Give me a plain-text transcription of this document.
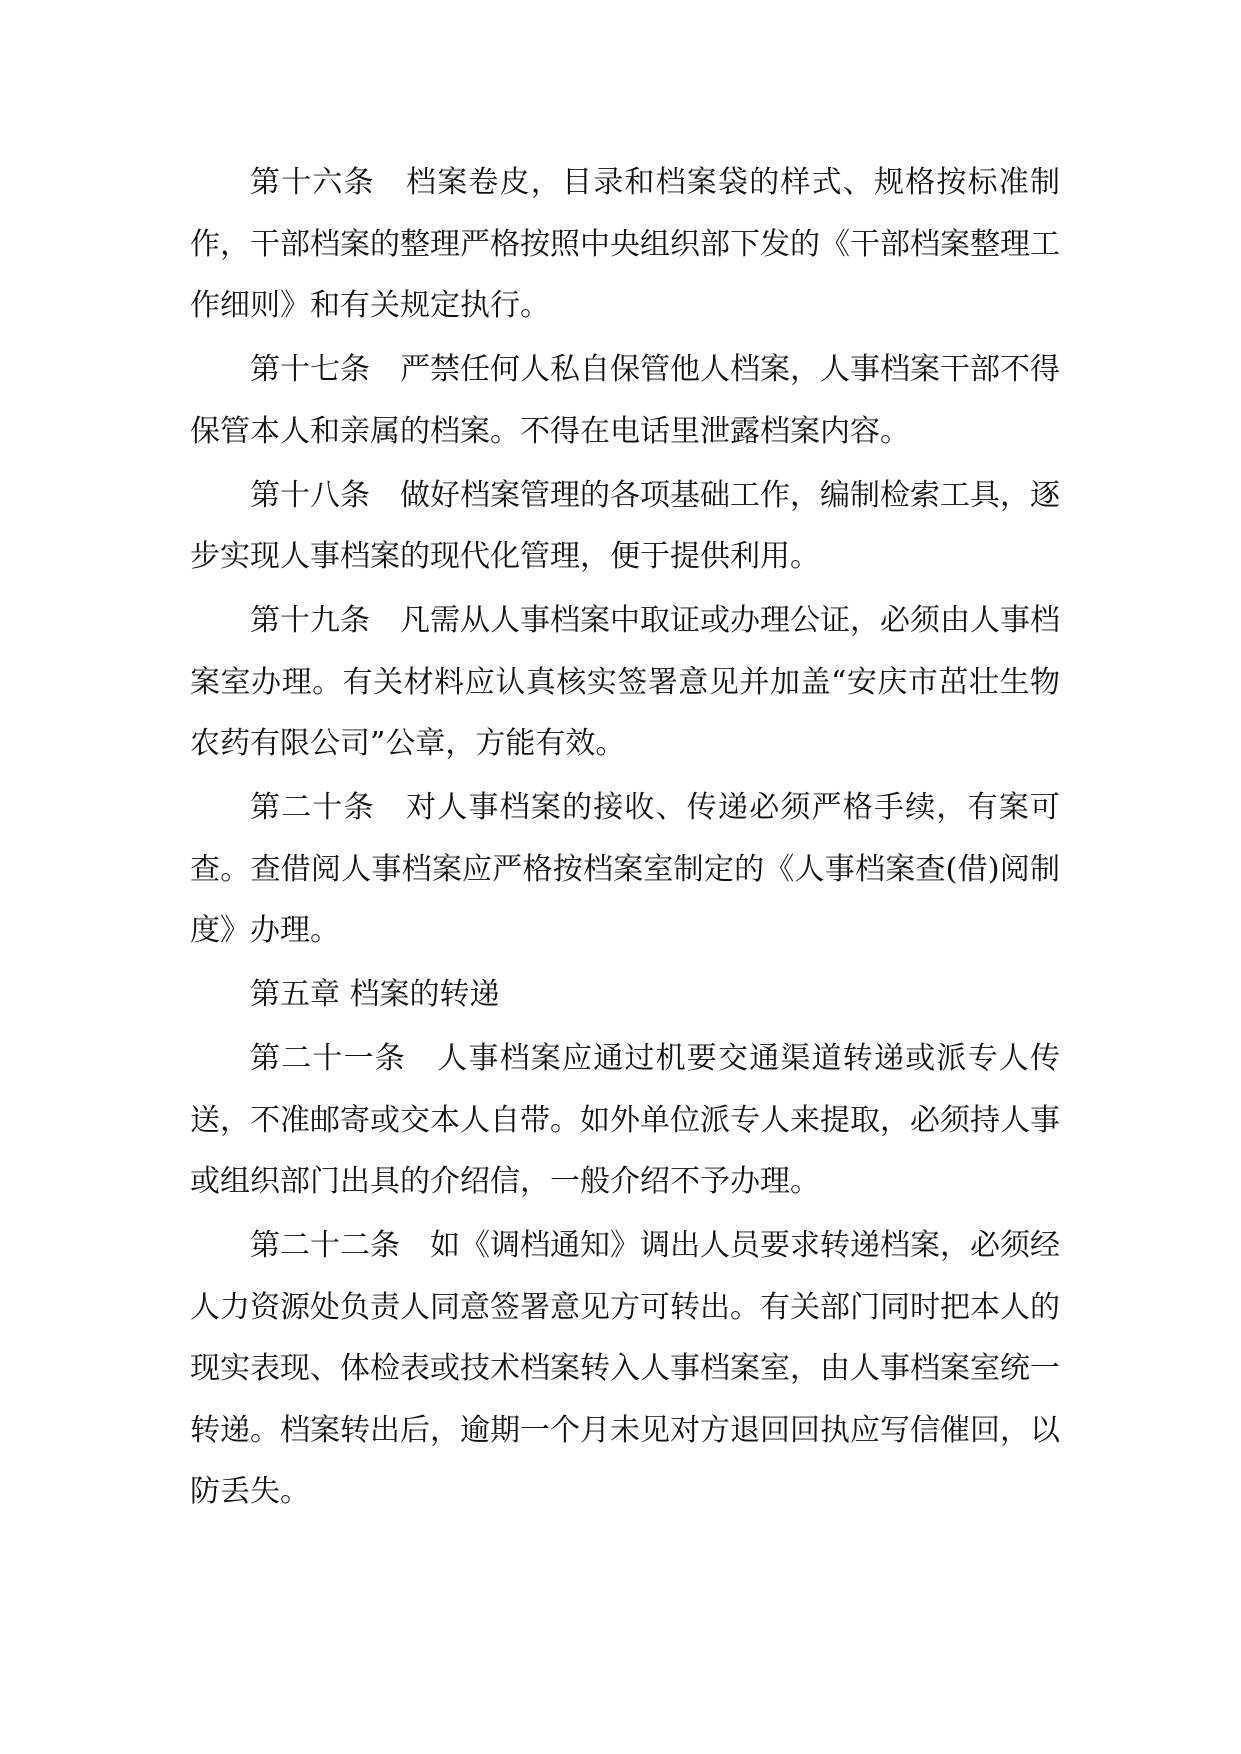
第十六条　档案卷皮，目录和档案袋的样式、规格按标准制作，干部档案的整理严格按照中央组织部下发的《干部档案整理工作细则》和有关规定执行。

第十七条　严禁任何人私自保管他人档案，人事档案干部不得保管本人和亲属的档案。不得在电话里泄露档案内容。

第十八条　做好档案管理的各项基础工作，编制检索工具，逐步实现人事档案的现代化管理，便于提供利用。

第十九条　凡需从人事档案中取证或办理公证，必须由人事档案室办理。有关材料应认真核实签署意见并加盖“安庆市茁壮生物农药有限公司”公章，方能有效。

第二十条　对人事档案的接收、传递必须严格手续，有案可查。查借阅人事档案应严格按档案室制定的《人事档案查(借)阅制度》办理。

第五章 档案的转递

第二十一条　人事档案应通过机要交通渠道转递或派专人传送，不准邮寄或交本人自带。如外单位派专人来提取，必须持人事或组织部门出具的介绍信，一般介绍不予办理。

第二十二条　如《调档通知》调出人员要求转递档案，必须经人力资源处负责人同意签署意见方可转出。有关部门同时把本人的现实表现、体检表或技术档案转入人事档案室，由人事档案室统一转递。档案转出后，逾期一个月未见对方退回回执应写信催回，以防丢失。
